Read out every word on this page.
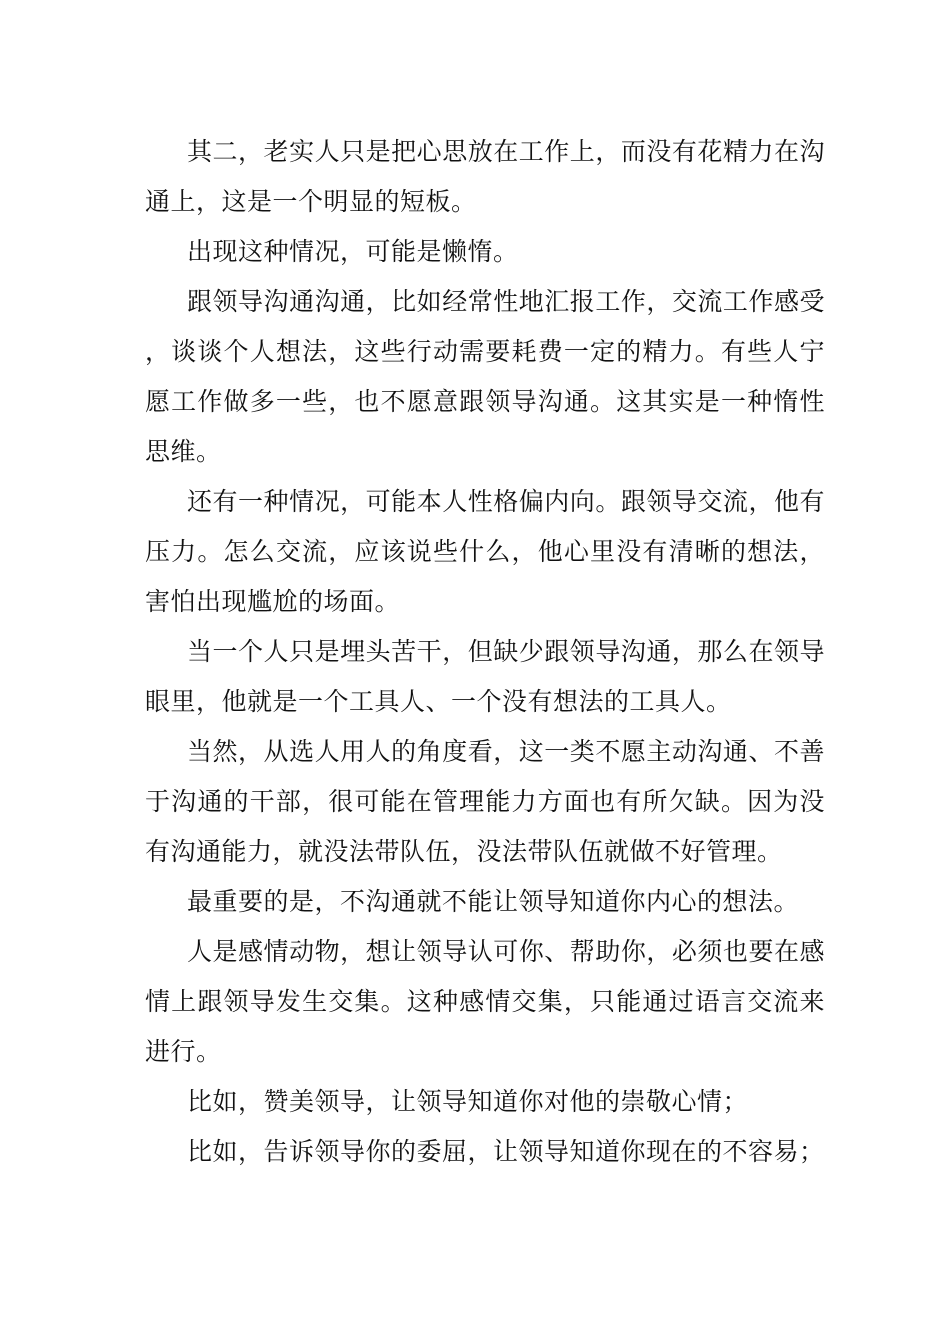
其二，老实人只是把心思放在工作上，而没有花精力在沟通上，这是一个明显的短板。

出现这种情况，可能是懒惰。

跟领导沟通沟通，比如经常性地汇报工作，交流工作感受，谈谈个人想法，这些行动需要耗费一定的精力。有些人宁愿工作做多一些，也不愿意跟领导沟通。这其实是一种惰性思维。

还有一种情况，可能本人性格偏内向。跟领导交流，他有压力。怎么交流，应该说些什么，他心里没有清晰的想法，害怕出现尴尬的场面。

当一个人只是埋头苦干，但缺少跟领导沟通，那么在领导眼里，他就是一个工具人、一个没有想法的工具人。

当然，从选人用人的角度看，这一类不愿主动沟通、不善于沟通的干部，很可能在管理能力方面也有所欠缺。因为没有沟通能力，就没法带队伍，没法带队伍就做不好管理。

最重要的是，不沟通就不能让领导知道你内心的想法。

人是感情动物，想让领导认可你、帮助你，必须也要在感情上跟领导发生交集。这种感情交集，只能通过语言交流来进行。

比如，赞美领导，让领导知道你对他的崇敬心情；

比如，告诉领导你的委屈，让领导知道你现在的不容易；
